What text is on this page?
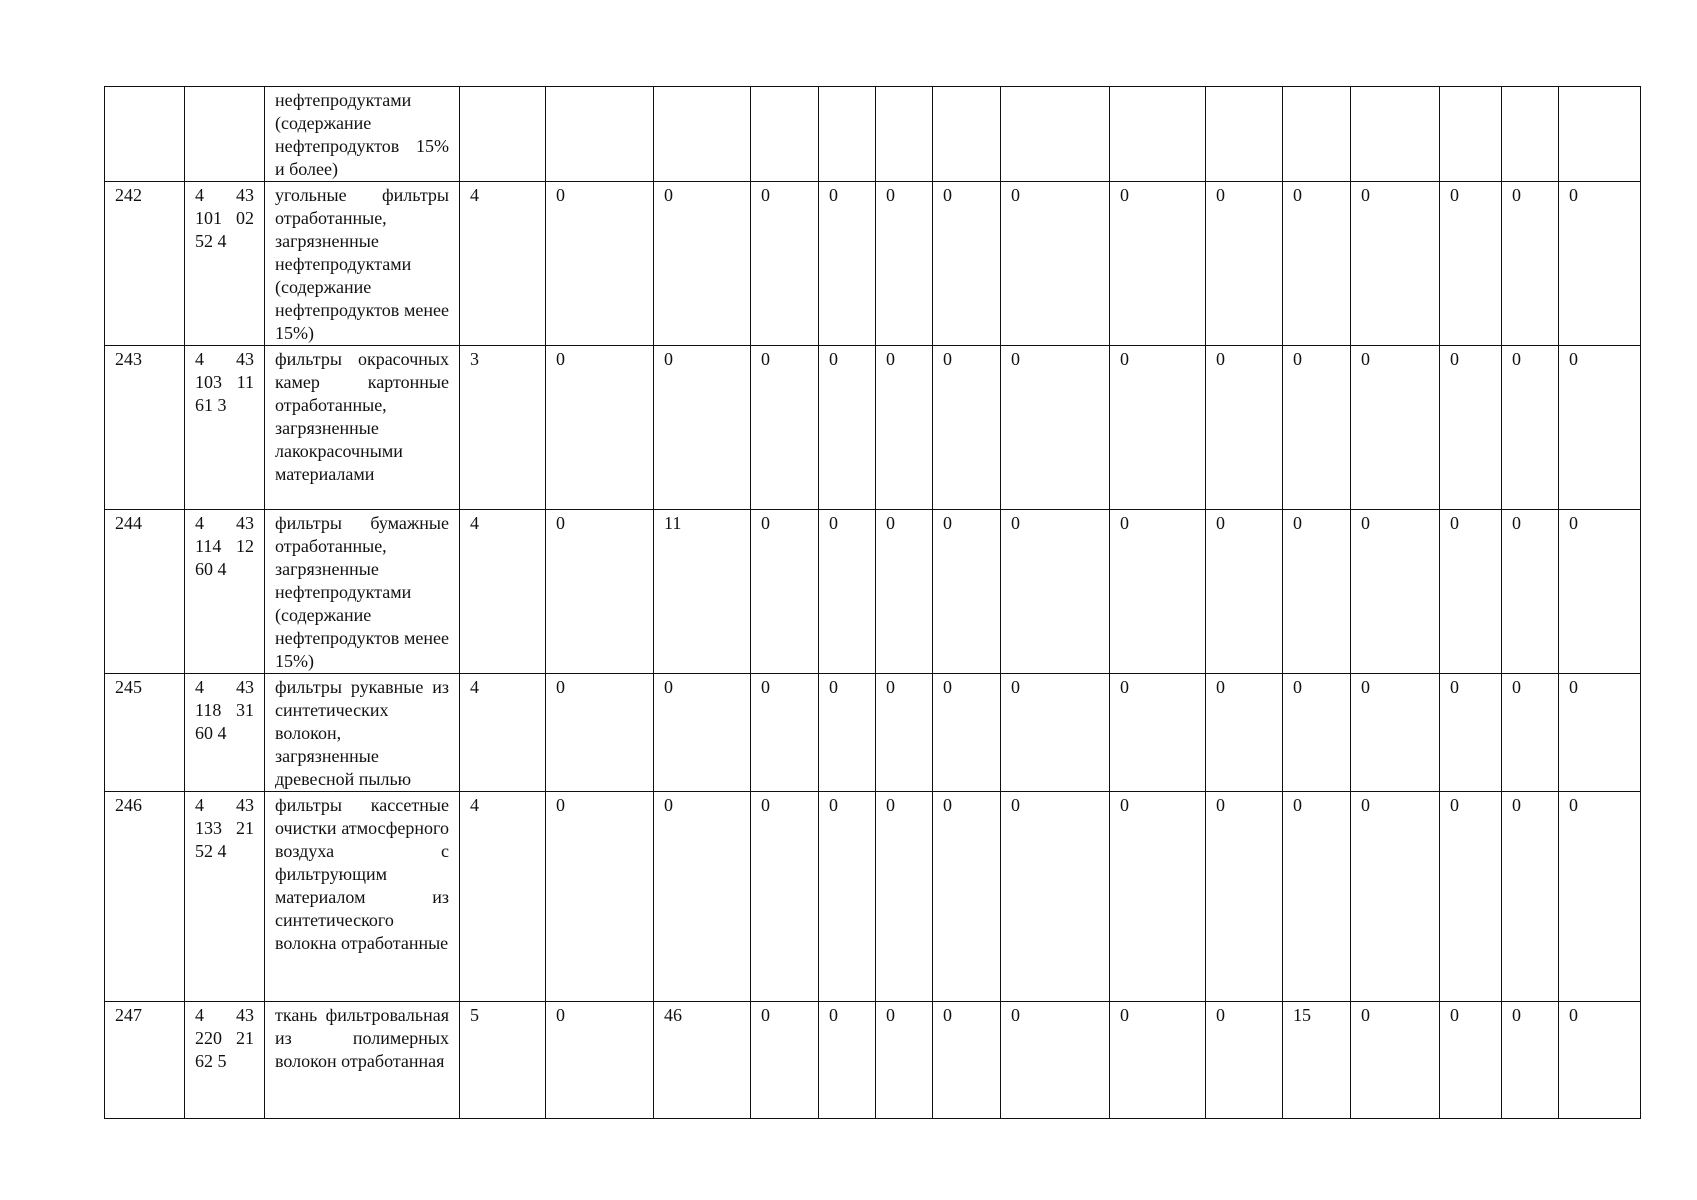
		нефтепродуктами (содержание нефтепродуктов 15% и более)															

242	4 43 101 02 52 4	угольные фильтры отработанные, загрязненные нефтепродуктами (содержание нефтепродуктов менее 15%)	4	0	0	0	0	0	0	0	0	0	0	0	0	0	0
243	4 43 103 11 61 3	фильтры окрасочных камер картонные отработанные, загрязненные лакокрасочными материалами	3	0	0	0	0	0	0	0	0	0	0	0	0	0	0
244	4 43 114 12 60 4	фильтры бумажные отработанные, загрязненные нефтепродуктами (содержание нефтепродуктов менее 15%)	4	0	11	0	0	0	0	0	0	0	0	0	0	0	0
245	4 43 118 31 60 4	фильтры рукавные из синтетических волокон, загрязненные древесной пылью	4	0	0	0	0	0	0	0	0	0	0	0	0	0	0
246	4 43 133 21 52 4	фильтры кассетные очистки атмосферного воздуха с фильтрующим материалом из синтетического волокна отработанные	4	0	0	0	0	0	0	0	0	0	0	0	0	0	0
247	4 43 220 21 62 5	ткань фильтровальная из полимерных волокон отработанная	5	0	46	0	0	0	0	0	0	0	15	0	0	0	0
